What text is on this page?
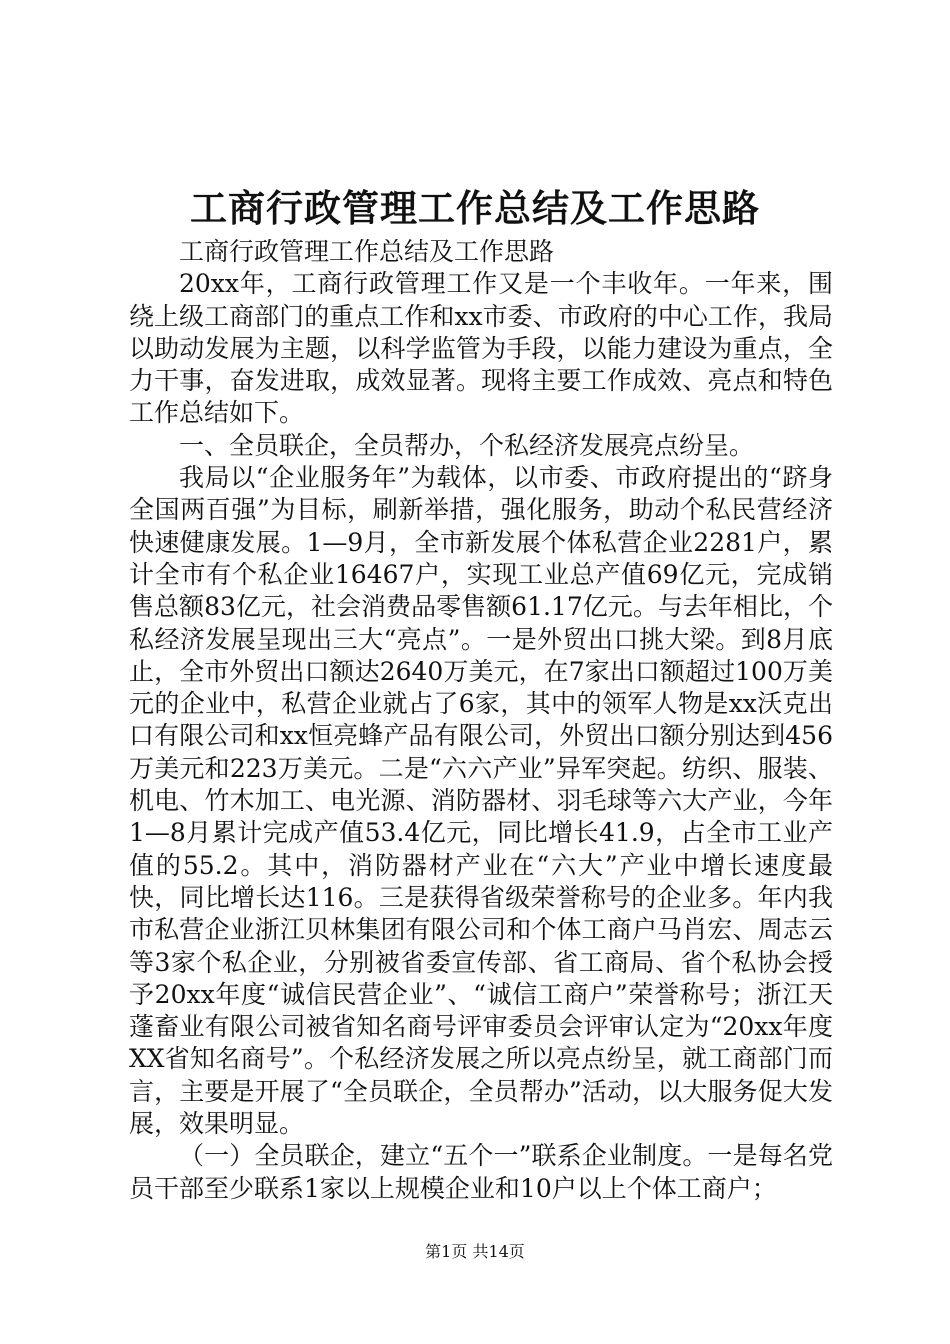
工商行政管理工作总结及工作思路

工商行政管理工作总结及工作思路

20xx年，工商行政管理工作又是一个丰收年。一年来，围绕上级工商部门的重点工作和xx市委、市政府的中心工作，我局以助动发展为主题，以科学监管为手段，以能力建设为重点，全力干事，奋发进取，成效显著。现将主要工作成效、亮点和特色工作总结如下。

一、全员联企，全员帮办，个私经济发展亮点纷呈。

我局以“企业服务年”为载体，以市委、市政府提出的“跻身全国两百强”为目标，刷新举措，强化服务，助动个私民营经济快速健康发展。1—9月，全市新发展个体私营企业2281户，累计全市有个私企业16467户，实现工业总产值69亿元，完成销售总额83亿元，社会消费品零售额61.17亿元。与去年相比，个私经济发展呈现出三大“亮点”。一是外贸出口挑大梁。到8月底止，全市外贸出口额达2640万美元，在7家出口额超过100万美元的企业中，私营企业就占了6家，其中的领军人物是xx沃克出口有限公司和xx恒亮蜂产品有限公司，外贸出口额分别达到456万美元和223万美元。二是“六六产业”异军突起。纺织、服装、机电、竹木加工、电光源、消防器材、羽毛球等六大产业，今年1—8月累计完成产值53.4亿元，同比增长41.9，占全市工业产值的55.2。其中，消防器材产业在“六大”产业中增长速度最快，同比增长达116。三是获得省级荣誉称号的企业多。年内我市私营企业浙江贝林集团有限公司和个体工商户马肖宏、周志云等3家个私企业，分别被省委宣传部、省工商局、省个私协会授予20xx年度“诚信民营企业”、“诚信工商户”荣誉称号；浙江天蓬畜业有限公司被省知名商号评审委员会评审认定为“20xx年度XX省知名商号”。个私经济发展之所以亮点纷呈，就工商部门而言，主要是开展了“全员联企，全员帮办”活动，以大服务促大发展，效果明显。

（一）全员联企，建立“五个一”联系企业制度。一是每名党员干部至少联系1家以上规模企业和10户以上个体工商户；

第1页 共14页
